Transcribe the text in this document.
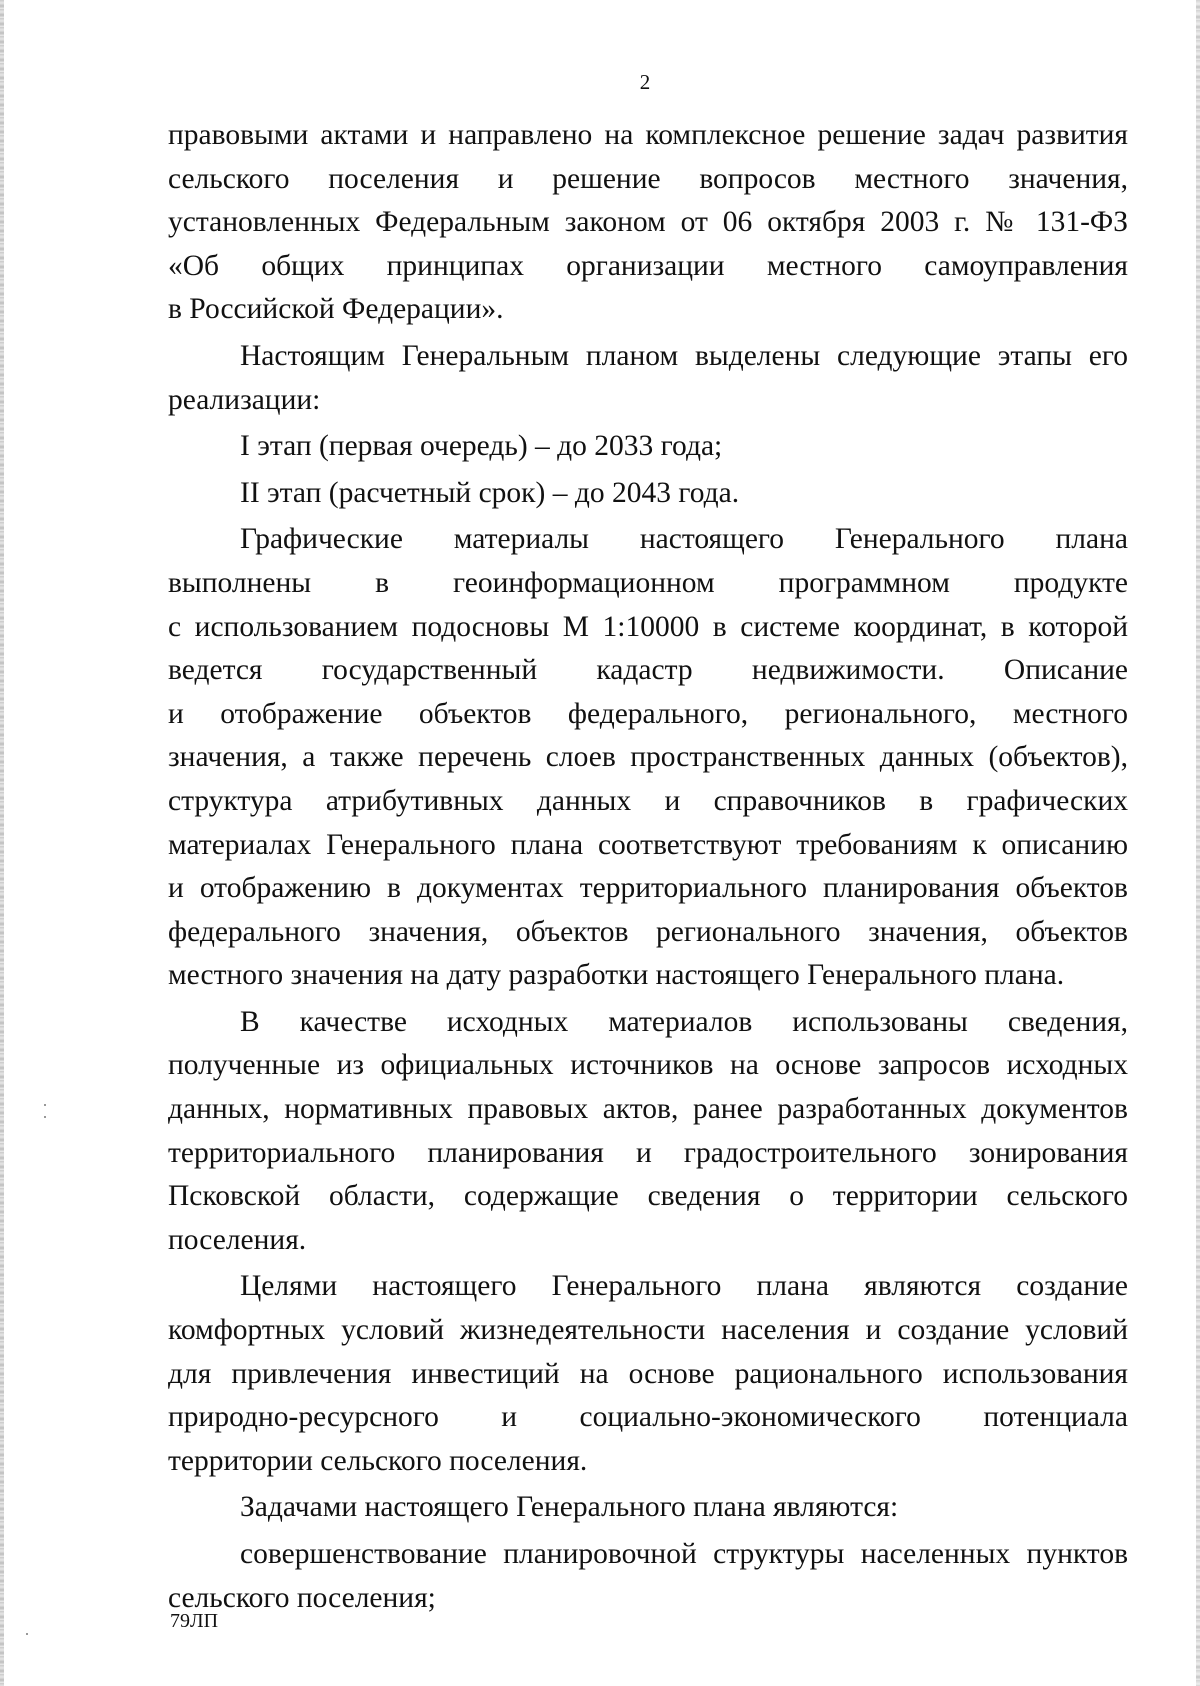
2
правовыми актами и направлено на комплексное решение задач развития
сельского поселения и решение вопросов местного значения,
установленных Федеральным законом от 06 октября 2003 г. № 131-ФЗ
«Об общих принципах организации местного самоуправления
в Российской Федерации».
Настоящим Генеральным планом выделены следующие этапы его
реализации:
I этап (первая очередь) – до 2033 года;
II этап (расчетный срок) – до 2043 года.
Графические материалы настоящего Генерального плана
выполнены в геоинформационном программном продукте
с использованием подосновы М 1:10000 в системе координат, в которой
ведется государственный кадастр недвижимости. Описание
и отображение объектов федерального, регионального, местного
значения, а также перечень слоев пространственных данных (объектов),
структура атрибутивных данных и справочников в графических
материалах Генерального плана соответствуют требованиям к описанию
и отображению в документах территориального планирования объектов
федерального значения, объектов регионального значения, объектов
местного значения на дату разработки настоящего Генерального плана.
В качестве исходных материалов использованы сведения,
полученные из официальных источников на основе запросов исходных
данных, нормативных правовых актов, ранее разработанных документов
территориального планирования и градостроительного зонирования
Псковской области, содержащие сведения о территории сельского
поселения.
Целями настоящего Генерального плана являются создание
комфортных условий жизнедеятельности населения и создание условий
для привлечения инвестиций на основе рационального использования
природно-ресурсного и социально-экономического потенциала
территории сельского поселения.
Задачами настоящего Генерального плана являются:
совершенствование планировочной структуры населенных пунктов
сельского поселения;
79ЛП
